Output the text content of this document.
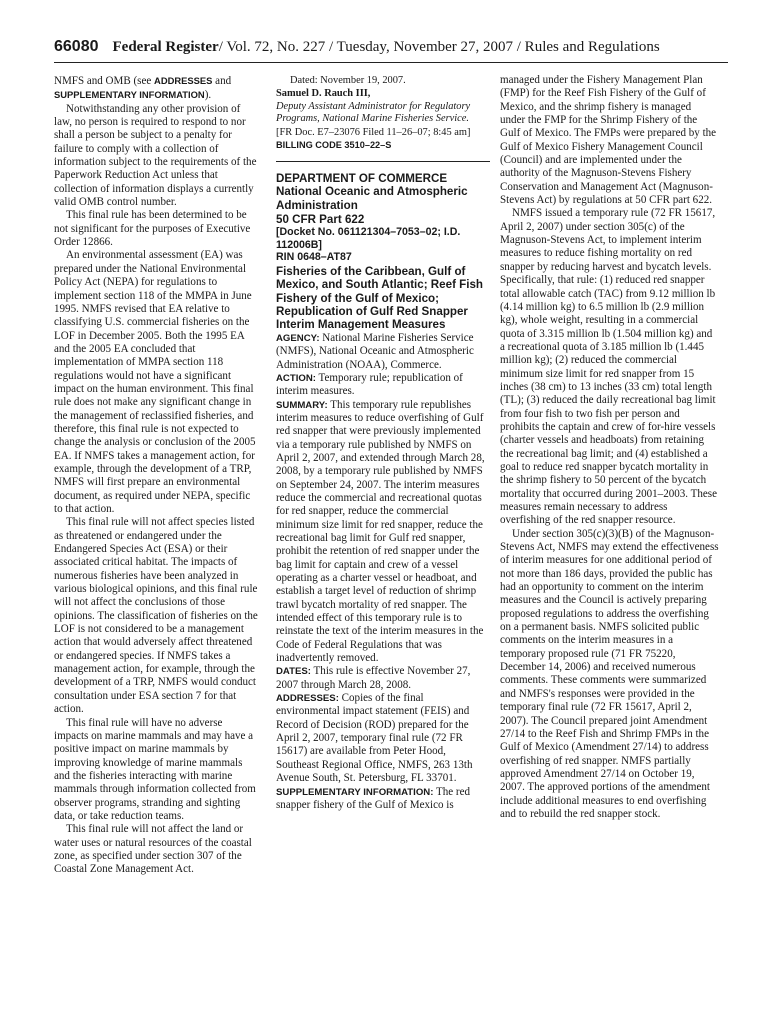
66080 Federal Register/ Vol. 72, No. 227 / Tuesday, November 27, 2007 / Rules and Regulations

NMFS and OMB (see ADDRESSES and SUPPLEMENTARY INFORMATION).

Notwithstanding any other provision of law, no person is required to respond to nor shall a person be subject to a penalty for failure to comply with a collection of information subject to the requirements of the Paperwork Reduction Act unless that collection of information displays a currently valid OMB control number.

This final rule has been determined to be not significant for the purposes of Executive Order 12866.

An environmental assessment (EA) was prepared under the National Environmental Policy Act (NEPA) for regulations to implement section 118 of the MMPA in June 1995. NMFS revised that EA relative to classifying U.S. commercial fisheries on the LOF in December 2005. Both the 1995 EA and the 2005 EA concluded that implementation of MMPA section 118 regulations would not have a significant impact on the human environment. This final rule does not make any significant change in the management of reclassified fisheries, and therefore, this final rule is not expected to change the analysis or conclusion of the 2005 EA. If NMFS takes a management action, for example, through the development of a TRP, NMFS will first prepare an environmental document, as required under NEPA, specific to that action.

This final rule will not affect species listed as threatened or endangered under the Endangered Species Act (ESA) or their associated critical habitat. The impacts of numerous fisheries have been analyzed in various biological opinions, and this final rule will not affect the conclusions of those opinions. The classification of fisheries on the LOF is not considered to be a management action that would adversely affect threatened or endangered species. If NMFS takes a management action, for example, through the development of a TRP, NMFS would conduct consultation under ESA section 7 for that action.

This final rule will have no adverse impacts on marine mammals and may have a positive impact on marine mammals by improving knowledge of marine mammals and the fisheries interacting with marine mammals through information collected from observer programs, stranding and sighting data, or take reduction teams.

This final rule will not affect the land or water uses or natural resources of the coastal zone, as specified under section 307 of the Coastal Zone Management Act.

Dated: November 19, 2007.

Samuel D. Rauch III,

Deputy Assistant Administrator for Regulatory Programs, National Marine Fisheries Service.

[FR Doc. E7–23076 Filed 11–26–07; 8:45 am]

BILLING CODE 3510–22–S

DEPARTMENT OF COMMERCE

National Oceanic and Atmospheric Administration

50 CFR Part 622

[Docket No. 061121304–7053–02; I.D. 112006B]

RIN 0648–AT87

Fisheries of the Caribbean, Gulf of Mexico, and South Atlantic; Reef Fish Fishery of the Gulf of Mexico; Republication of Gulf Red Snapper Interim Management Measures

AGENCY: National Marine Fisheries Service (NMFS), National Oceanic and Atmospheric Administration (NOAA), Commerce.

ACTION: Temporary rule; republication of interim measures.

SUMMARY: This temporary rule republishes interim measures to reduce overfishing of Gulf red snapper that were previously implemented via a temporary rule published by NMFS on April 2, 2007, and extended through March 28, 2008, by a temporary rule published by NMFS on September 24, 2007. The interim measures reduce the commercial and recreational quotas for red snapper, reduce the commercial minimum size limit for red snapper, reduce the recreational bag limit for Gulf red snapper, prohibit the retention of red snapper under the bag limit for captain and crew of a vessel operating as a charter vessel or headboat, and establish a target level of reduction of shrimp trawl bycatch mortality of red snapper. The intended effect of this temporary rule is to reinstate the text of the interim measures in the Code of Federal Regulations that was inadvertently removed.

DATES: This rule is effective November 27, 2007 through March 28, 2008.

ADDRESSES: Copies of the final environmental impact statement (FEIS) and Record of Decision (ROD) prepared for the April 2, 2007, temporary final rule (72 FR 15617) are available from Peter Hood, Southeast Regional Office, NMFS, 263 13th Avenue South, St. Petersburg, FL 33701.

SUPPLEMENTARY INFORMATION: The red snapper fishery of the Gulf of Mexico is

managed under the Fishery Management Plan (FMP) for the Reef Fish Fishery of the Gulf of Mexico, and the shrimp fishery is managed under the FMP for the Shrimp Fishery of the Gulf of Mexico. The FMPs were prepared by the Gulf of Mexico Fishery Management Council (Council) and are implemented under the authority of the Magnuson-Stevens Fishery Conservation and Management Act (Magnuson-Stevens Act) by regulations at 50 CFR part 622.

NMFS issued a temporary rule (72 FR 15617, April 2, 2007) under section 305(c) of the Magnuson-Stevens Act, to implement interim measures to reduce fishing mortality on red snapper by reducing harvest and bycatch levels. Specifically, that rule: (1) reduced red snapper total allowable catch (TAC) from 9.12 million lb (4.14 million kg) to 6.5 million lb (2.9 million kg), whole weight, resulting in a commercial quota of 3.315 million lb (1.504 million kg) and a recreational quota of 3.185 million lb (1.445 million kg); (2) reduced the commercial minimum size limit for red snapper from 15 inches (38 cm) to 13 inches (33 cm) total length (TL); (3) reduced the daily recreational bag limit from four fish to two fish per person and prohibits the captain and crew of for-hire vessels (charter vessels and headboats) from retaining the recreational bag limit; and (4) established a goal to reduce red snapper bycatch mortality in the shrimp fishery to 50 percent of the bycatch mortality that occurred during 2001–2003. These measures remain necessary to address overfishing of the red snapper resource.

Under section 305(c)(3)(B) of the Magnuson-Stevens Act, NMFS may extend the effectiveness of interim measures for one additional period of not more than 186 days, provided the public has had an opportunity to comment on the interim measures and the Council is actively preparing proposed regulations to address the overfishing on a permanent basis. NMFS solicited public comments on the interim measures in a temporary proposed rule (71 FR 75220, December 14, 2006) and received numerous comments. These comments were summarized and NMFS's responses were provided in the temporary final rule (72 FR 15617, April 2, 2007). The Council prepared joint Amendment 27/14 to the Reef Fish and Shrimp FMPs in the Gulf of Mexico (Amendment 27/14) to address overfishing of red snapper. NMFS partially approved Amendment 27/14 on October 19, 2007. The approved portions of the amendment include additional measures to end overfishing and to rebuild the red snapper stock.
